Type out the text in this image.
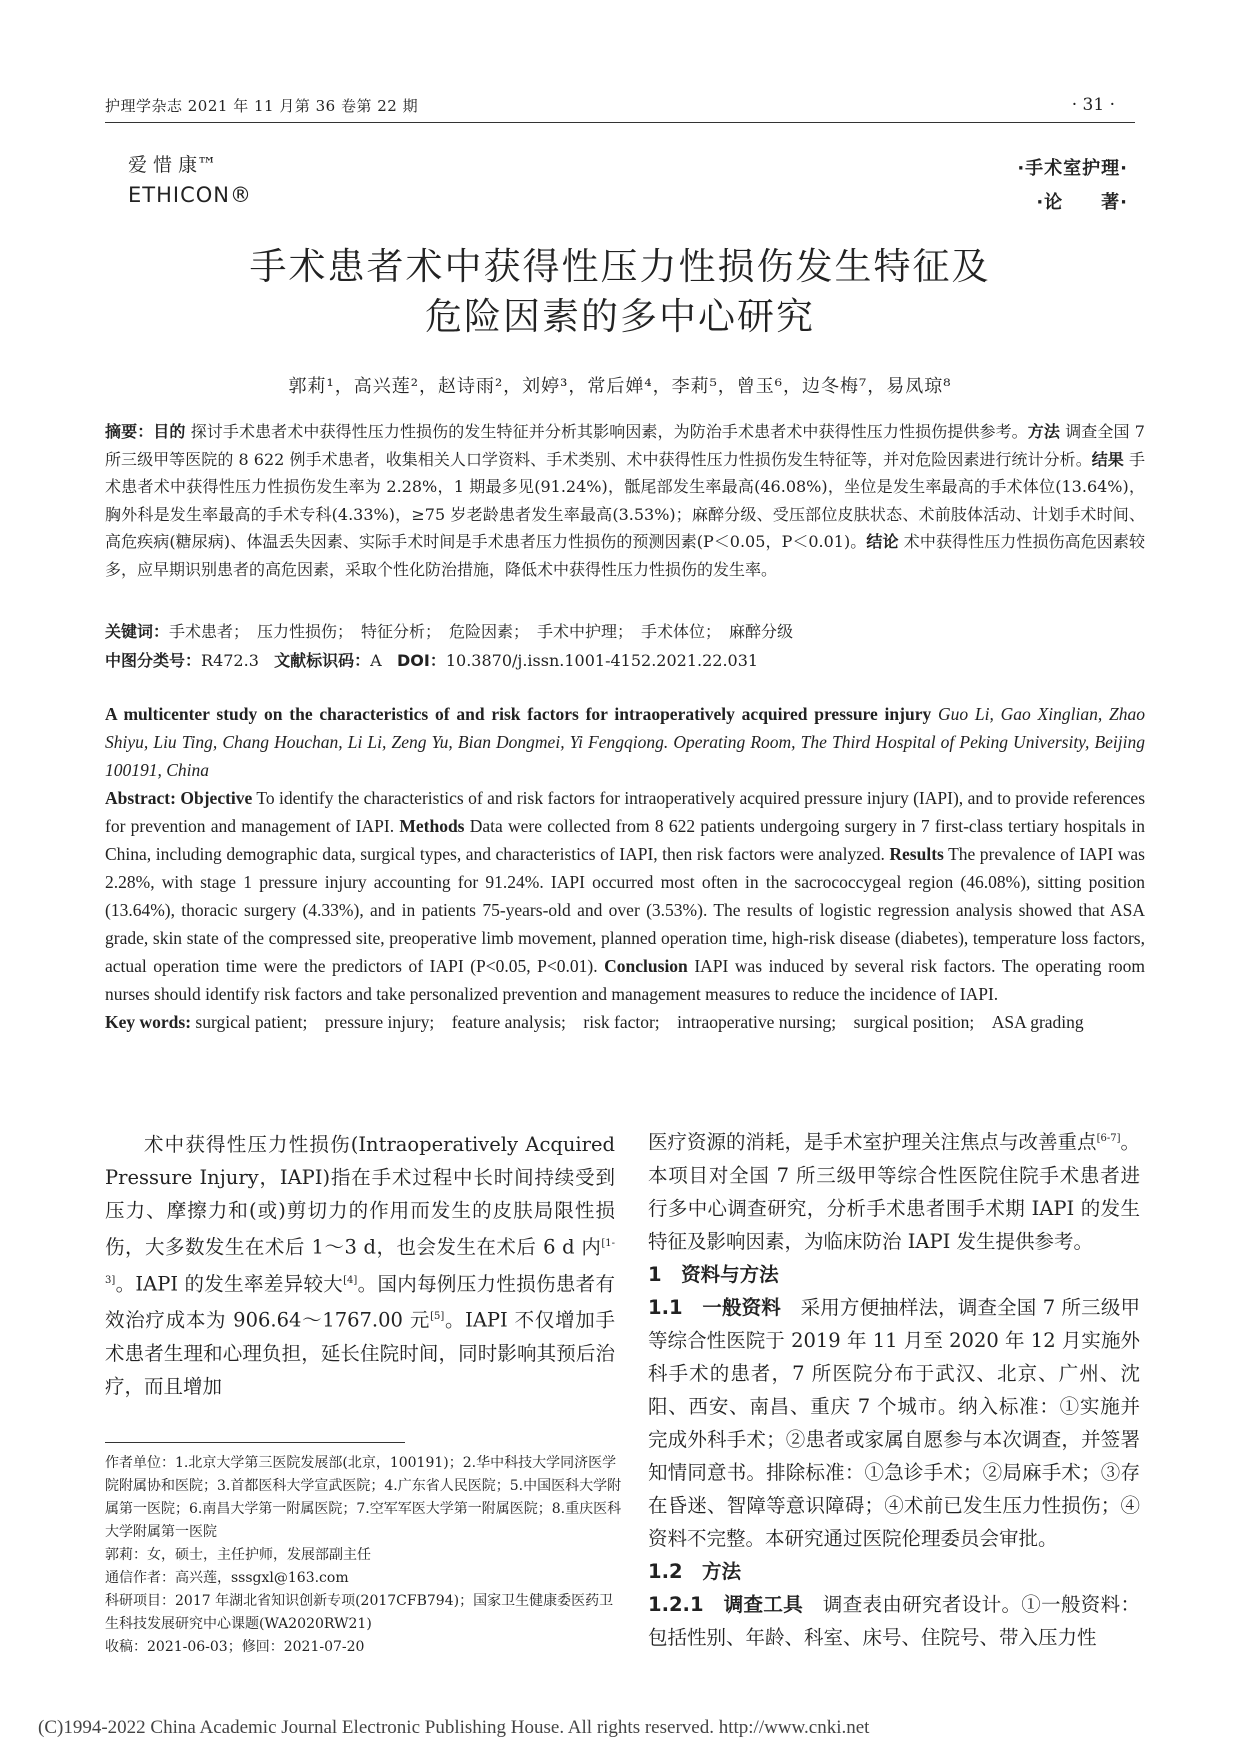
护理学杂志 2021 年 11 月第 36 卷第 22 期	· 31 ·
爱 惜 康™
ETHICON®
·手术室护理·
·论　　著·
手术患者术中获得性压力性损伤发生特征及
危险因素的多中心研究
郭莉¹，高兴莲²，赵诗雨²，刘婷³，常后婵⁴，李莉⁵，曾玉⁶，边冬梅⁷，易凤琼⁸
摘要：目的 探讨手术患者术中获得性压力性损伤的发生特征并分析其影响因素，为防治手术患者术中获得性压力性损伤提供参考。方法 调查全国 7 所三级甲等医院的 8 622 例手术患者，收集相关人口学资料、手术类别、术中获得性压力性损伤发生特征等，并对危险因素进行统计分析。结果 手术患者术中获得性压力性损伤发生率为 2.28%，1 期最多见(91.24%)，骶尾部发生率最高(46.08%)，坐位是发生率最高的手术体位(13.64%)，胸外科是发生率最高的手术专科(4.33%)，≥75 岁老龄患者发生率最高(3.53%)；麻醉分级、受压部位皮肤状态、术前肢体活动、计划手术时间、高危疾病(糖尿病)、体温丢失因素、实际手术时间是手术患者压力性损伤的预测因素(P＜0.05，P＜0.01)。结论 术中获得性压力性损伤高危因素较多，应早期识别患者的高危因素，采取个性化防治措施，降低术中获得性压力性损伤的发生率。
关键词：手术患者；　压力性损伤；　特征分析；　危险因素；　手术中护理；　手术体位；　麻醉分级
中图分类号：R472.3 文献标识码：A DOI：10.3870/j.issn.1001-4152.2021.22.031
A multicenter study on the characteristics of and risk factors for intraoperatively acquired pressure injury Guo Li, Gao Xinglian, Zhao Shiyu, Liu Ting, Chang Houchan, Li Li, Zeng Yu, Bian Dongmei, Yi Fengqiong. Operating Room, The Third Hospital of Peking University, Beijing 100191, China
Abstract: Objective To identify the characteristics of and risk factors for intraoperatively acquired pressure injury (IAPI), and to provide references for prevention and management of IAPI. Methods Data were collected from 8 622 patients undergoing surgery in 7 first-class tertiary hospitals in China, including demographic data, surgical types, and characteristics of IAPI, then risk factors were analyzed. Results The prevalence of IAPI was 2.28%, with stage 1 pressure injury accounting for 91.24%. IAPI occurred most often in the sacrococcygeal region (46.08%), sitting position (13.64%), thoracic surgery (4.33%), and in patients 75-years-old and over (3.53%). The results of logistic regression analysis showed that ASA grade, skin state of the compressed site, preoperative limb movement, planned operation time, high-risk disease (diabetes), temperature loss factors, actual operation time were the predictors of IAPI (P<0.05, P<0.01). Conclusion IAPI was induced by several risk factors. The operating room nurses should identify risk factors and take personalized prevention and management measures to reduce the incidence of IAPI.
Key words: surgical patient;　pressure injury;　feature analysis;　risk factor;　intraoperative nursing;　surgical position;　ASA grading
术中获得性压力性损伤(Intraoperatively Acquired Pressure Injury，IAPI)指在手术过程中长时间持续受到压力、摩擦力和(或)剪切力的作用而发生的皮肤局限性损伤，大多数发生在术后 1～3 d，也会发生在术后 6 d 内[1-3]。IAPI 的发生率差异较大[4]。国内每例压力性损伤患者有效治疗成本为 906.64～1767.00 元[5]。IAPI 不仅增加手术患者生理和心理负担，延长住院时间，同时影响其预后治疗，而且增加
作者单位：1.北京大学第三医院发展部(北京，100191)；2.华中科技大学同济医学院附属协和医院；3.首都医科大学宣武医院；4.广东省人民医院；5.中国医科大学附属第一医院；6.南昌大学第一附属医院；7.空军军医大学第一附属医院；8.重庆医科大学附属第一医院
郭莉：女，硕士，主任护师，发展部副主任
通信作者：高兴莲，sssgxl@163.com
科研项目：2017 年湖北省知识创新专项(2017CFB794)；国家卫生健康委医药卫生科技发展研究中心课题(WA2020RW21)
收稿：2021-06-03；修回：2021-07-20
医疗资源的消耗，是手术室护理关注焦点与改善重点[6-7]。本项目对全国 7 所三级甲等综合性医院住院手术患者进行多中心调查研究，分析手术患者围手术期 IAPI 的发生特征及影响因素，为临床防治 IAPI 发生提供参考。
1　资料与方法
1.1　一般资料　 采用方便抽样法，调查全国 7 所三级甲等综合性医院于 2019 年 11 月至 2020 年 12 月实施外科手术的患者，7 所医院分布于武汉、北京、广州、沈阳、西安、南昌、重庆 7 个城市。纳入标准：①实施并完成外科手术；②患者或家属自愿参与本次调查，并签署知情同意书。排除标准：①急诊手术；②局麻手术；③存在昏迷、智障等意识障碍；④术前已发生压力性损伤；④资料不完整。本研究通过医院伦理委员会审批。
1.2　方法
1.2.1　调查工具　 调查表由研究者设计。①一般资料：包括性别、年龄、科室、床号、住院号、带入压力性
(C)1994-2022 China Academic Journal Electronic Publishing House. All rights reserved. http://www.cnki.net
